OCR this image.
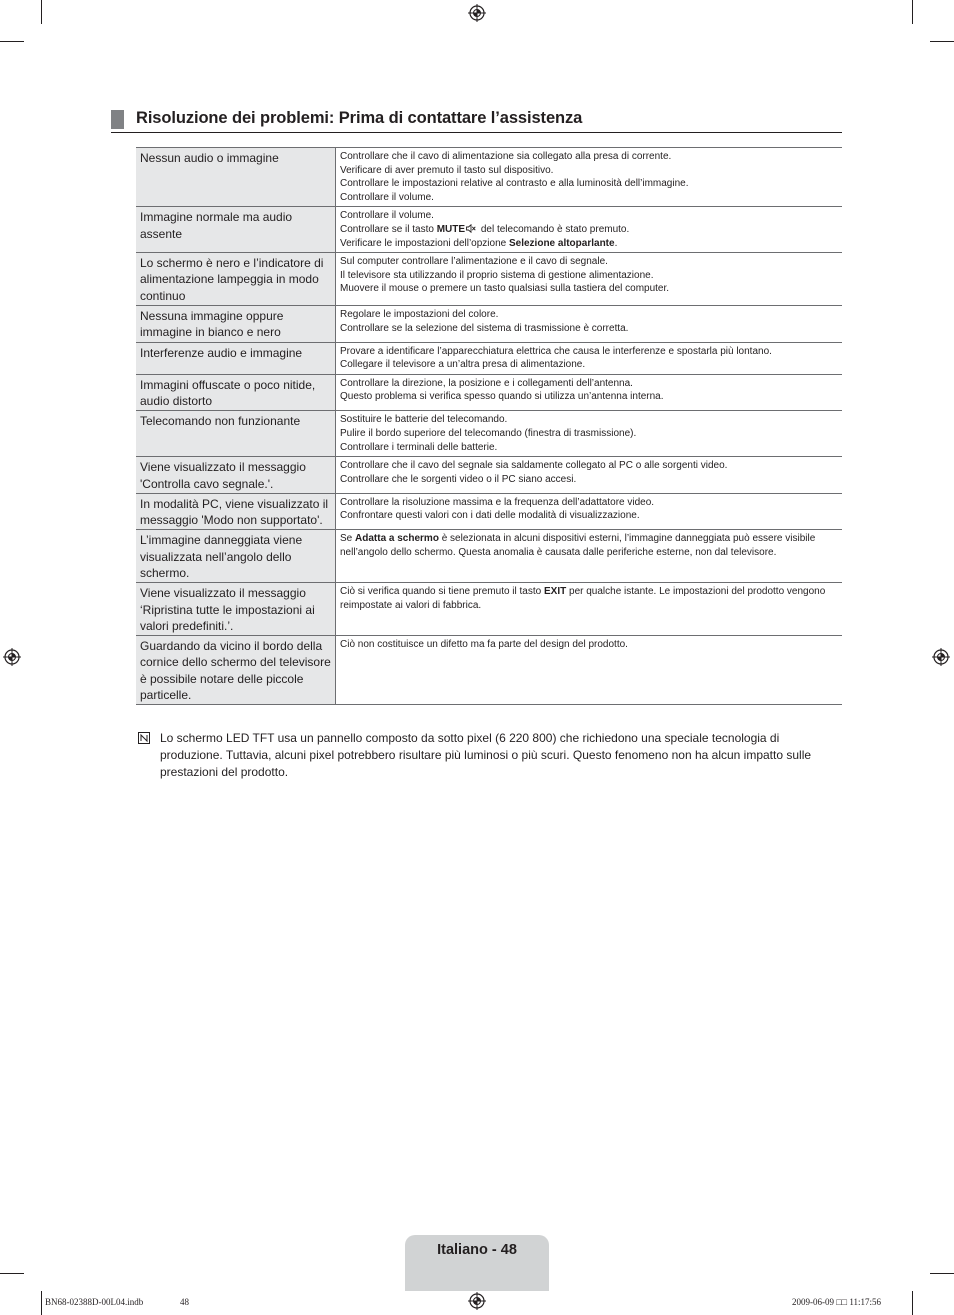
Risoluzione dei problemi: Prima di contattare l’assistenza
Nessun audio o immagine	Controllare che il cavo di alimentazione sia collegato alla presa di corrente.
Verificare di aver premuto il tasto sul dispositivo.
Controllare le impostazioni relative al contrasto e alla luminosità dell’immagine.
Controllare il volume.

Immagine normale ma audio assente	Controllare il volume.
Controllare se il tasto MUTE del telecomando è stato premuto.
Verificare le impostazioni dell’opzione Selezione altoparlante.

Lo schermo è nero e l’indicatore di alimentazione lampeggia in modo continuo	Sul computer controllare l’alimentazione e il cavo di segnale.
Il televisore sta utilizzando il proprio sistema di gestione alimentazione.
Muovere il mouse o premere un tasto qualsiasi sulla tastiera del computer.

Nessuna immagine oppure immagine in bianco e nero	Regolare le impostazioni del colore.
Controllare se la selezione del sistema di trasmissione è corretta.

Interferenze audio e immagine	Provare a identificare l’apparecchiatura elettrica che causa le interferenze e spostarla più lontano.
Collegare il televisore a un’altra presa di alimentazione.

Immagini offuscate o poco nitide, audio distorto	Controllare la direzione, la posizione e i collegamenti dell’antenna.
Questo problema si verifica spesso quando si utilizza un’antenna interna.

Telecomando non funzionante	Sostituire le batterie del telecomando.
Pulire il bordo superiore del telecomando (finestra di trasmissione).
Controllare i terminali delle batterie.

Viene visualizzato il messaggio 'Controlla cavo segnale.'.	Controllare che il cavo del segnale sia saldamente collegato al PC o alle sorgenti video.
Controllare che le sorgenti video o il PC siano accesi.

In modalità PC, viene visualizzato il messaggio 'Modo non supportato'.	Controllare la risoluzione massima e la frequenza dell’adattatore video.
Confrontare questi valori con i dati delle modalità di visualizzazione.

L’immagine danneggiata viene visualizzata nell’angolo dello schermo.	Se Adatta a schermo è selezionata in alcuni dispositivi esterni, l’immagine danneggiata può essere visibile nell’angolo dello schermo. Questa anomalia è causata dalle periferiche esterne, non dal televisore.

Viene visualizzato il messaggio ‘Ripristina tutte le impostazioni ai valori predefiniti.’.	Ciò si verifica quando si tiene premuto il tasto EXIT per qualche istante. Le impostazioni del prodotto vengono reimpostate ai valori di fabbrica.

Guardando da vicino il bordo della cornice dello schermo del televisore è possibile notare delle piccole particelle.	Ciò non costituisce un difetto ma fa parte del design del prodotto.
Lo schermo LED TFT usa un pannello composto da sotto pixel (6 220 800) che richiedono una speciale tecnologia di produzione. Tuttavia, alcuni pixel potrebbero risultare più luminosi o più scuri. Questo fenomeno non ha alcun impatto sulle prestazioni del prodotto.
Italiano - 48
BN68-02388D-00L04.indb	48	2009-06-09 □□ 11:17:56
